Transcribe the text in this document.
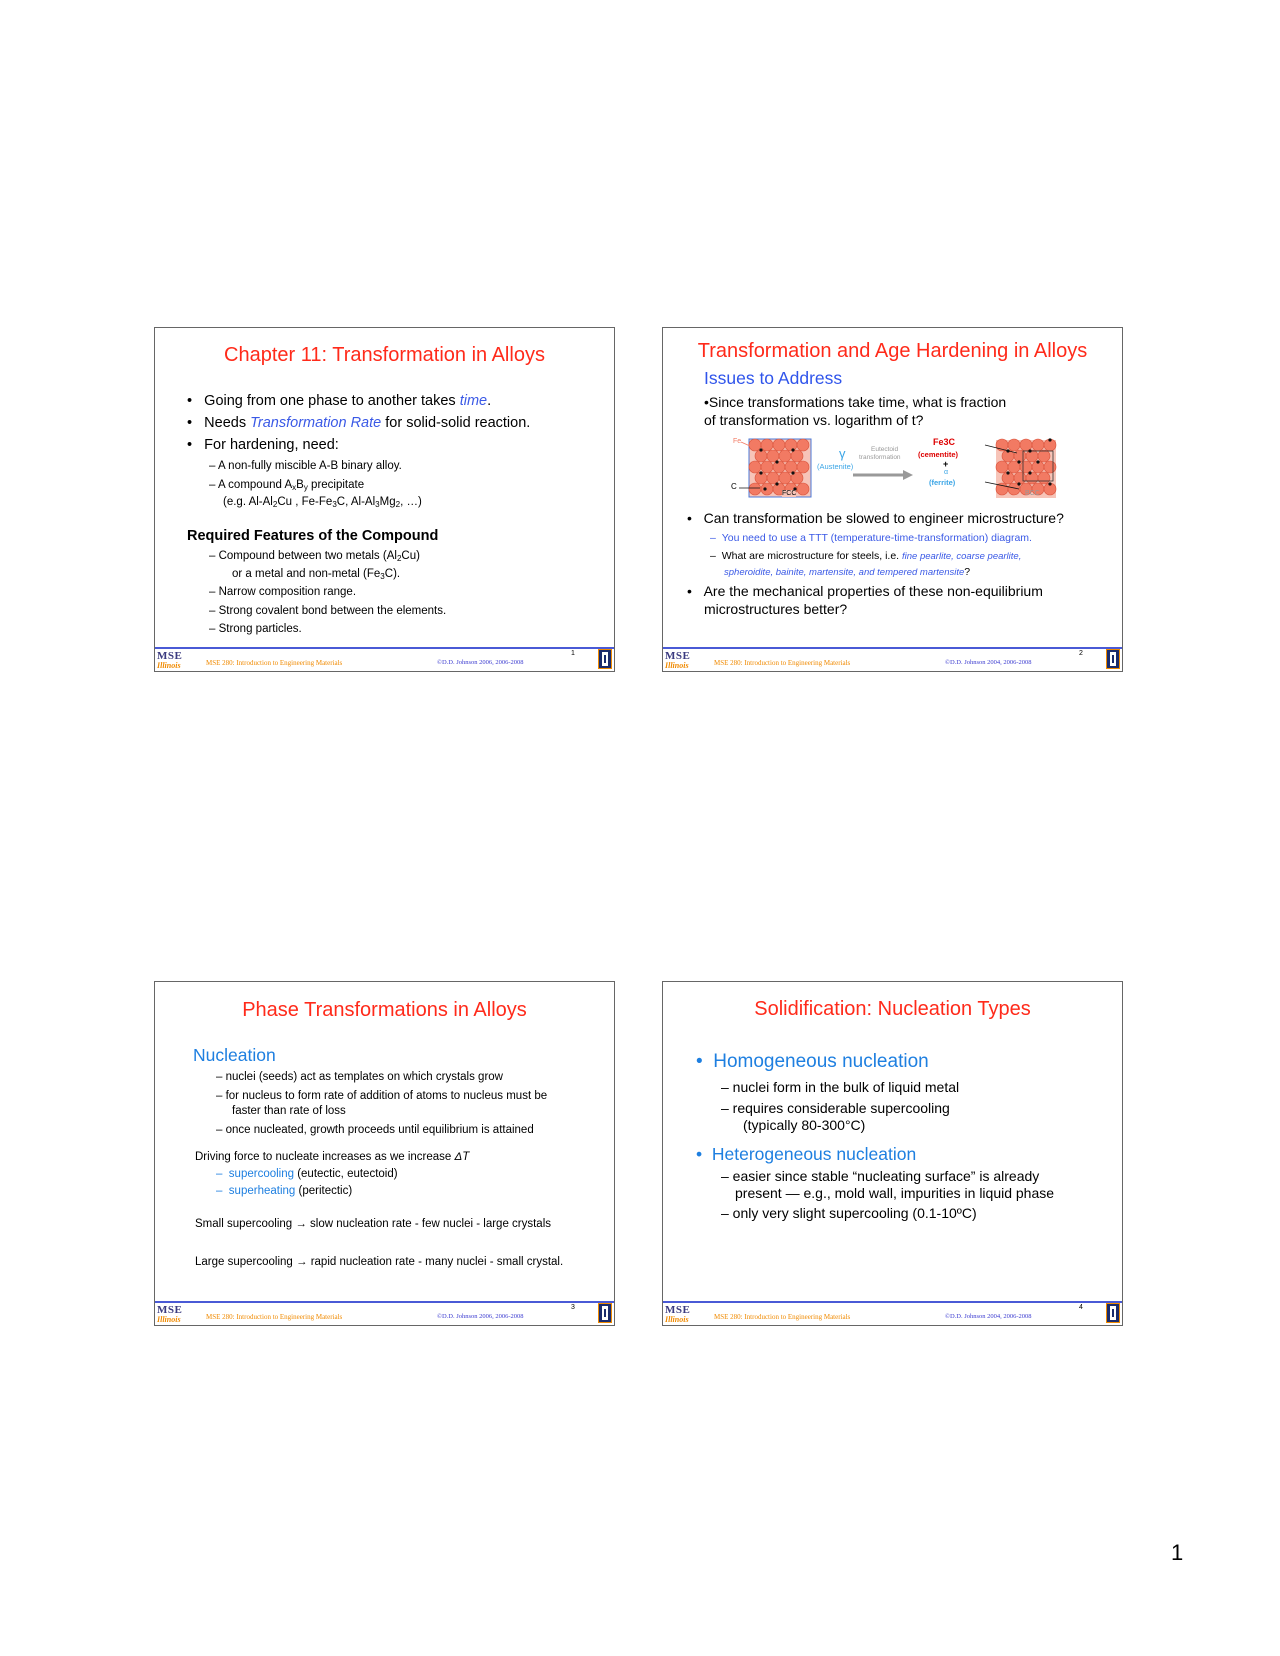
Chapter 11: Transformation in Alloys
•   Going from one phase to another takes time.
•   Needs Transformation Rate for solid-solid reaction.
•   For hardening, need:
– A non-fully miscible A-B binary alloy.
– A compound $A_xB_y$ precipitate
(e.g. $Al-Al_2Cu$ , $Fe-Fe_3C$, $Al-Al_3Mg_2$, …)
Required Features of the Compound
– Compound between two metals $(Al_2Cu)$
or a metal and non-metal $(Fe_3C)$.
– Narrow composition range.
– Strong covalent bond between the elements.
– Strong particles.
MSE
Illinois	MSE 280: Introduction to Engineering Materials	©D.D. Johnson 2006, 2006-2008
1
Transformation and Age Hardening in Alloys
Issues to Address
•Since transformations take time, what is fraction
of transformation vs. logarithm of t?
Fe
C
FCC
γ
(Austenite)
Eutectoid
transformation
Fe3C
(cementite)
+
α
(ferrite)
BCC
•   Can transformation be slowed to engineer microstructure?
–  You need to use a TTT (temperature-time-transformation) diagram.
–  What are microstructure for steels, i.e. fine pearlite, coarse pearlite,
spheroidite, bainite, martensite, and tempered martensite?
•   Are the mechanical properties of these non-equilibrium
microstructures better?
MSE
Illinois	MSE 280: Introduction to Engineering Materials	©D.D. Johnson 2004, 2006-2008
2
Phase Transformations in Alloys
Nucleation
– nuclei (seeds) act as templates on which crystals grow
– for nucleus to form rate of addition of atoms to nucleus must be
faster than rate of loss
– once nucleated, growth proceeds until equilibrium is attained
Driving force to nucleate increases as we increase ΔT
–  supercooling (eutectic, eutectoid)
–  superheating (peritectic)
Small supercooling → slow nucleation rate - few nuclei - large crystals
Large supercooling → rapid nucleation rate - many nuclei - small crystal.
MSE
Illinois	MSE 280: Introduction to Engineering Materials	©D.D. Johnson 2006, 2006-2008
3
Solidification: Nucleation Types
•  Homogeneous nucleation
– nuclei form in the bulk of liquid metal
– requires considerable supercooling
(typically 80-300°C)
•  Heterogeneous nucleation
– easier since stable “nucleating surface” is already
present — e.g., mold wall, impurities in liquid phase
– only very slight supercooling (0.1-10ºC)
MSE
Illinois	MSE 280: Introduction to Engineering Materials	©D.D. Johnson 2004, 2006-2008
4
1
